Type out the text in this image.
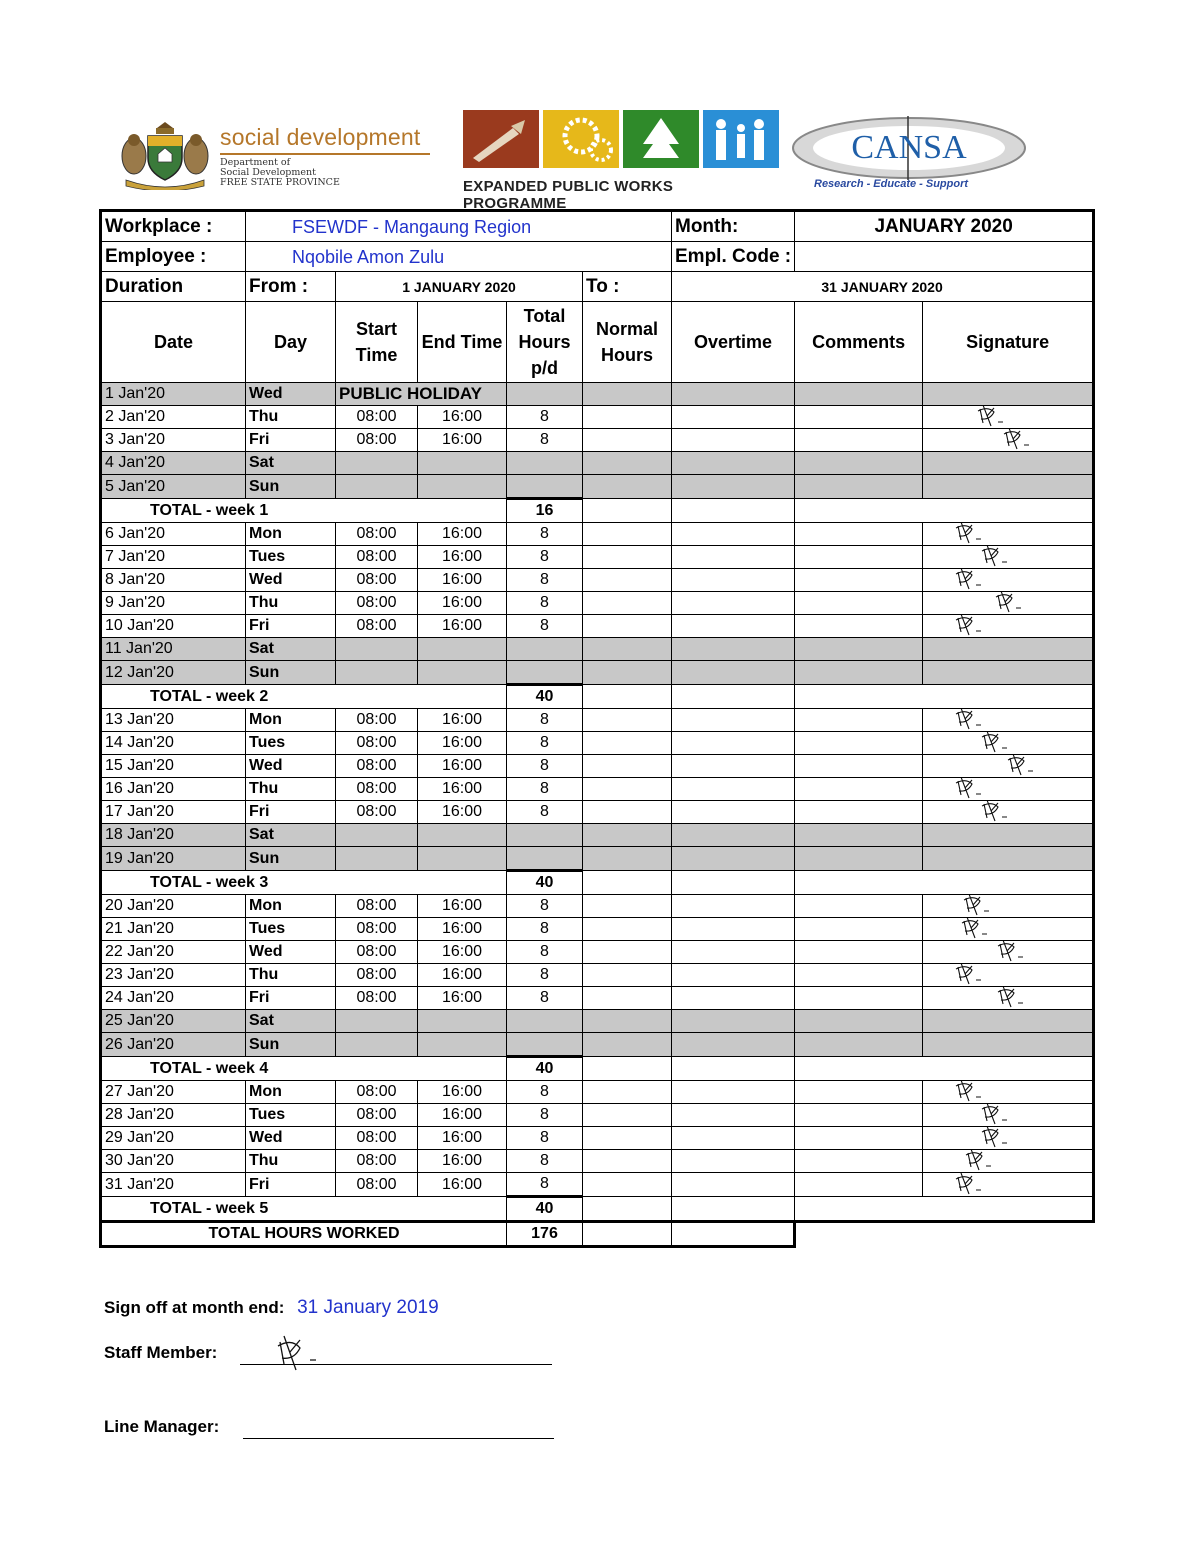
social development
Department of
Social Development
FREE STATE PROVINCE	EXPANDED PUBLIC WORKS PROGRAMME
CANSA
Research - Educate - Support
Workplace :	FSEWDF - Mangaung Region					Month:	JANUARY 2020	
Employee :	Nqobile Amon Zulu					Empl. Code :		
Duration	From :	1 JANUARY 2020			To :	31 JANUARY 2020		
Date	Day	Start Time	End Time	Total Hours p/d	Normal Hours	Overtime	Comments	Signature
1 Jan'20	Wed	PUBLIC HOLIDAY						
2 Jan'20	Thu	08:00	16:00	8				

3 Jan'20	Fri	08:00	16:00	8				

4 Jan'20	Sat							
5 Jan'20	Sun							
TOTAL - week 1				16				
6 Jan'20	Mon	08:00	16:00	8				

7 Jan'20	Tues	08:00	16:00	8				

8 Jan'20	Wed	08:00	16:00	8				

9 Jan'20	Thu	08:00	16:00	8				

10 Jan'20	Fri	08:00	16:00	8				

11 Jan'20	Sat							
12 Jan'20	Sun							
TOTAL - week 2				40				
13 Jan'20	Mon	08:00	16:00	8				

14 Jan'20	Tues	08:00	16:00	8				

15 Jan'20	Wed	08:00	16:00	8				

16 Jan'20	Thu	08:00	16:00	8				

17 Jan'20	Fri	08:00	16:00	8				

18 Jan'20	Sat							
19 Jan'20	Sun							
TOTAL - week 3				40				
20 Jan'20	Mon	08:00	16:00	8				

21 Jan'20	Tues	08:00	16:00	8				

22 Jan'20	Wed	08:00	16:00	8				

23 Jan'20	Thu	08:00	16:00	8				

24 Jan'20	Fri	08:00	16:00	8				

25 Jan'20	Sat							
26 Jan'20	Sun							
TOTAL - week 4				40				
27 Jan'20	Mon	08:00	16:00	8				

28 Jan'20	Tues	08:00	16:00	8				

29 Jan'20	Wed	08:00	16:00	8				

30 Jan'20	Thu	08:00	16:00	8				

31 Jan'20	Fri	08:00	16:00	8				

TOTAL - week 5				40				
TOTAL HOURS WORKED				176				
Sign off at month end: 31 January 2019
Staff Member:
Line Manager:
